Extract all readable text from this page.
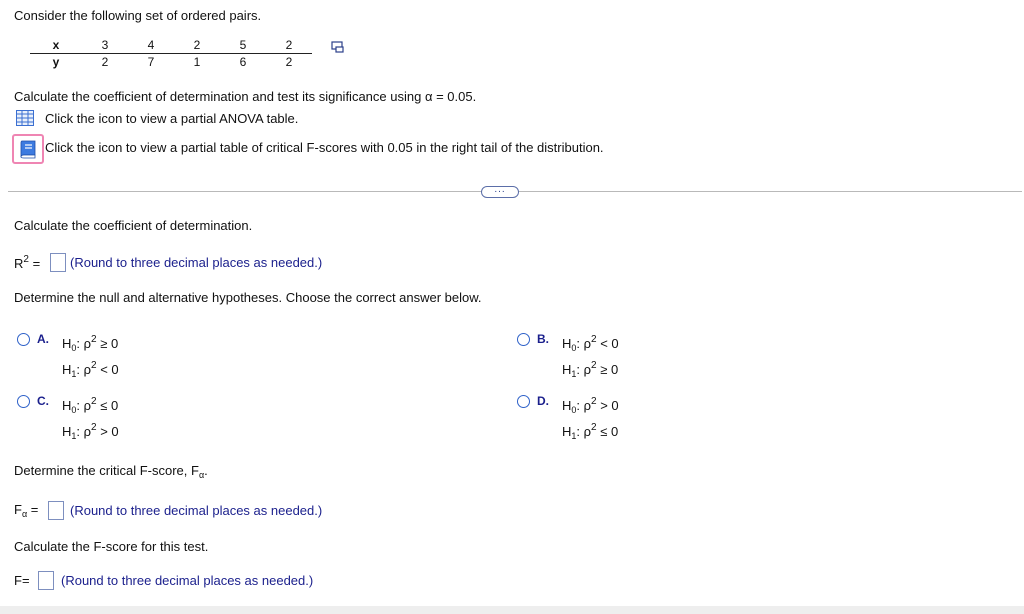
Consider the following set of ordered pairs.
x	3	4	2	5	2
y	2	7	1	6	2
Calculate the coefficient of determination and test its significance using α = 0.05.
Click the icon to view a partial ANOVA table.
Click the icon to view a partial table of critical F-scores with 0.05 in the right tail of the distribution.
...
Calculate the coefficient of determination.
$R^2$ = (Round to three decimal places as needed.)
Determine the null and alternative hypotheses. Choose the correct answer below.
A. $H_0$: $\rho^2 \ge 0$
$H_1$: $\rho^2 < 0$
B. $H_0$: $\rho^2 < 0$
$H_1$: $\rho^2 \ge 0$
C. $H_0$: $\rho^2 \le 0$
$H_1$: $\rho^2 > 0$
D. $H_0$: $\rho^2 > 0$
$H_1$: $\rho^2 \le 0$
Determine the critical F-score, $F_\alpha$.
$F_\alpha$ = (Round to three decimal places as needed.)
Calculate the F-score for this test.
F= (Round to three decimal places as needed.)
